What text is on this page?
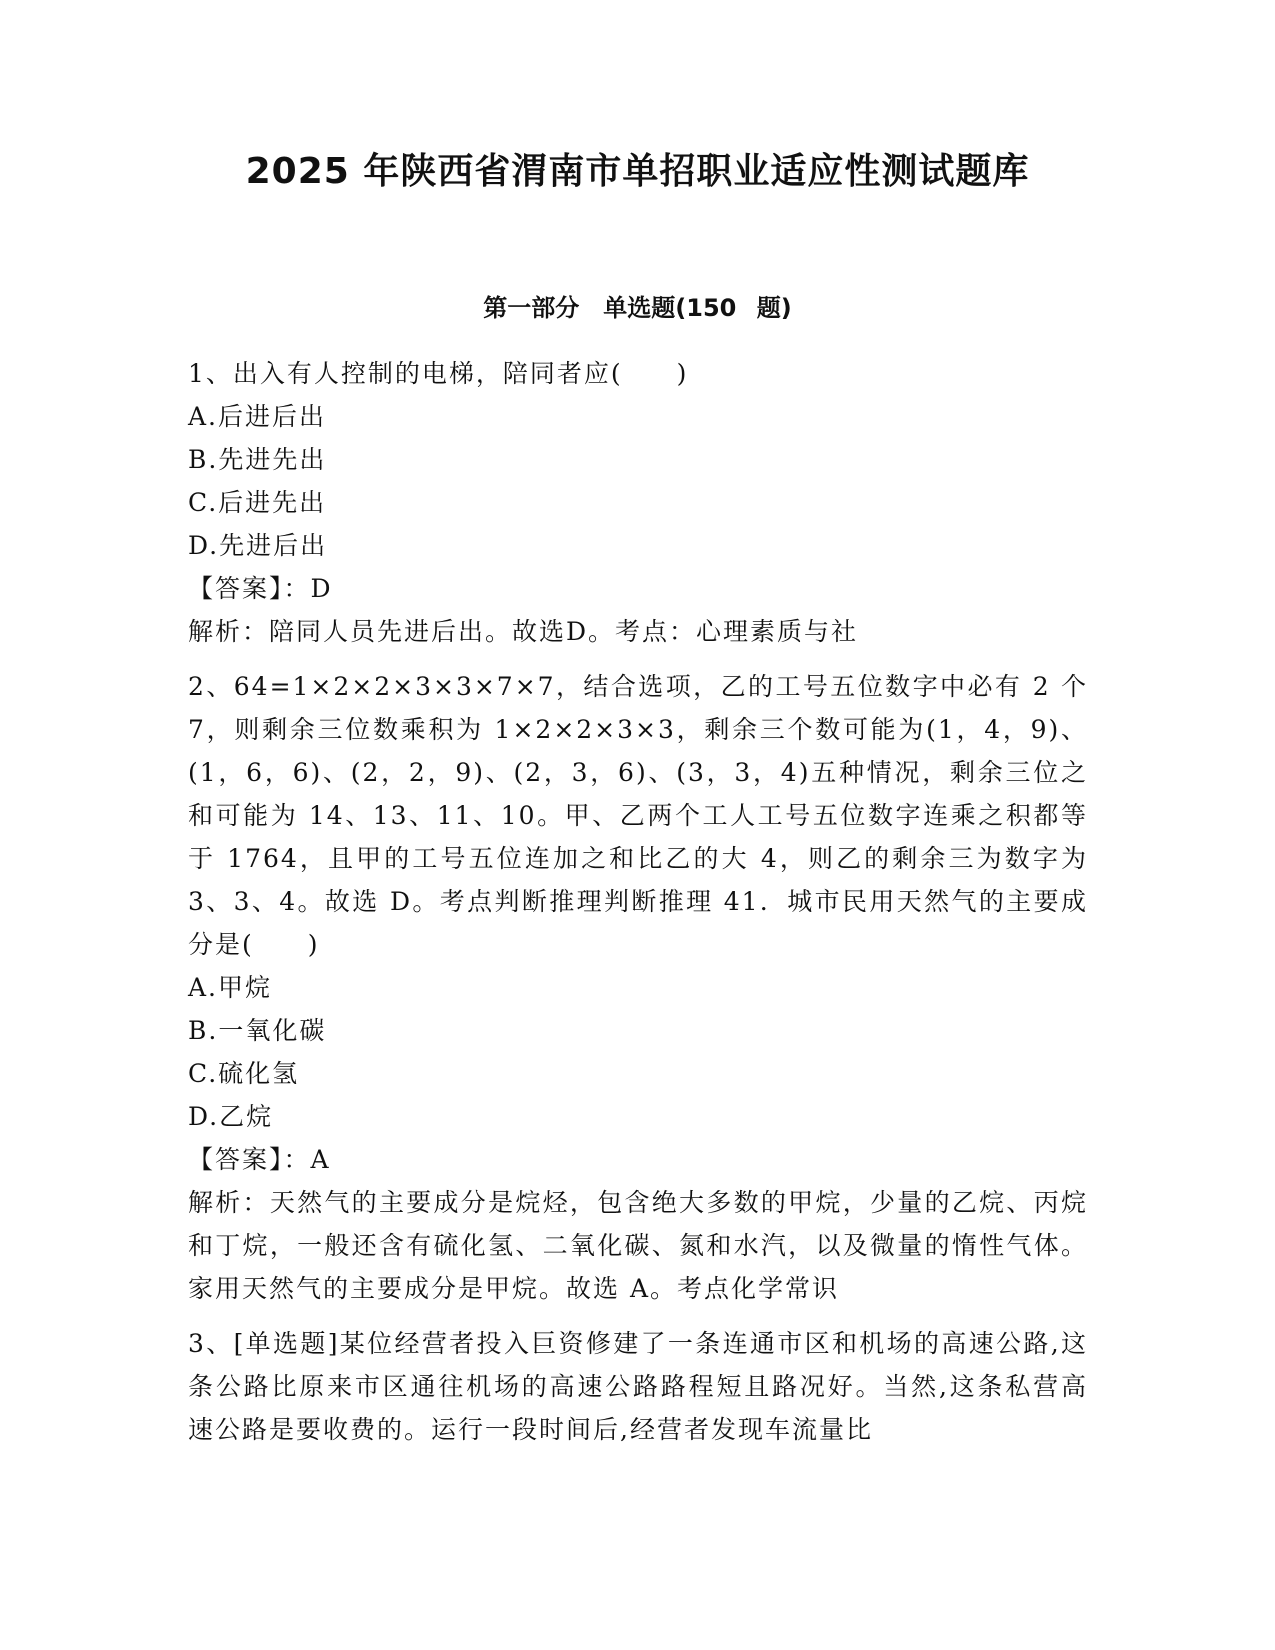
2025 年陕西省渭南市单招职业适应性测试题库
第一部分　单选题(150 题)

1、出入有人控制的电梯，陪同者应(　　)

A.后进后出

B.先进先出

C.后进先出

D.先进后出

【答案】：D

解析：陪同人员先进后出。故选D。考点：心理素质与社

2、64=1×2×2×3×3×7×7，结合选项，乙的工号五位数字中必有 2 个 7，则剩余三位数乘积为 1×2×2×3×3，剩余三个数可能为(1，4，9)、(1，6，6)、(2，2，9)、(2，3，6)、(3，3，4)五种情况，剩余三位之和可能为 14、13、11、10。甲、乙两个工人工号五位数字连乘之积都等于 1764，且甲的工号五位连加之和比乙的大 4，则乙的剩余三为数字为 3、3、4。故选 D。考点判断推理判断推理 41．城市民用天然气的主要成分是(　　)

A.甲烷

B.一氧化碳

C.硫化氢

D.乙烷

【答案】：A

解析：天然气的主要成分是烷烃，包含绝大多数的甲烷，少量的乙烷、丙烷和丁烷，一般还含有硫化氢、二氧化碳、氮和水汽，以及微量的惰性气体。家用天然气的主要成分是甲烷。故选 A。考点化学常识

3、[单选题]某位经营者投入巨资修建了一条连通市区和机场的高速公路,这条公路比原来市区通往机场的高速公路路程短且路况好。当然,这条私营高速公路是要收费的。运行一段时间后,经营者发现车流量比
